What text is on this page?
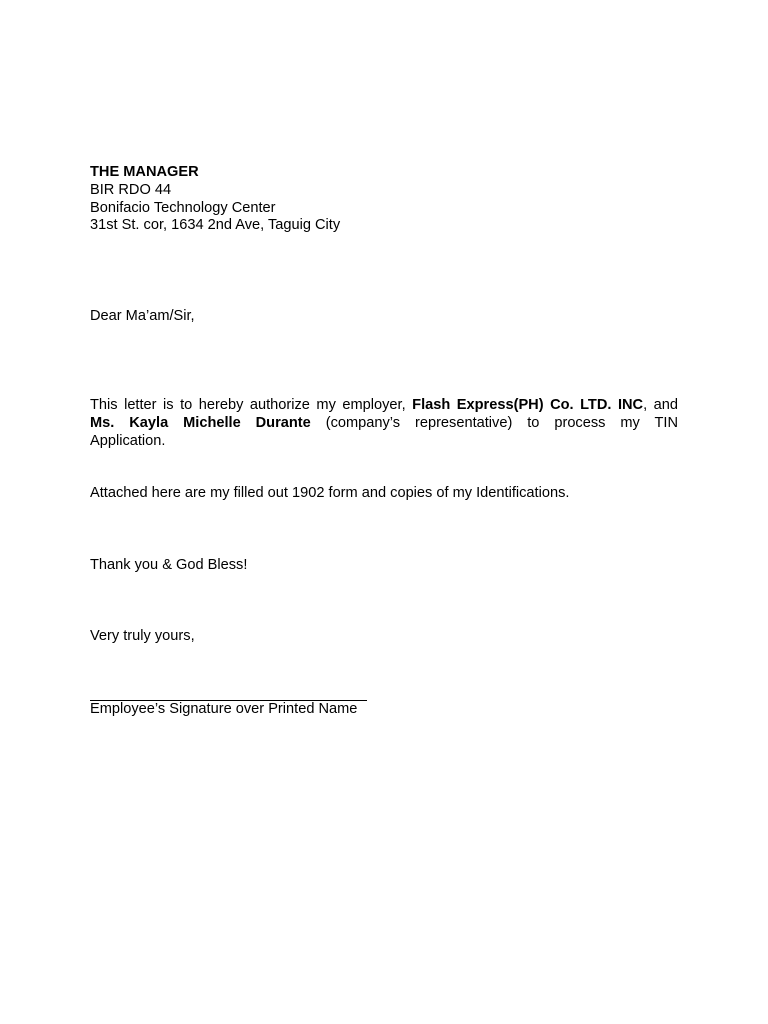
THE MANAGER
BIR RDO 44
Bonifacio Technology Center
31st St. cor, 1634 2nd Ave, Taguig City
Dear Ma’am/Sir,
This letter is to hereby authorize my employer, Flash Express(PH) Co. LTD. INC, and
Ms. Kayla Michelle Durante (company’s representative) to process my TIN
Application.
Attached here are my filled out 1902 form and copies of my Identifications.
Thank you & God Bless!
Very truly yours,
Employee’s Signature over Printed Name
